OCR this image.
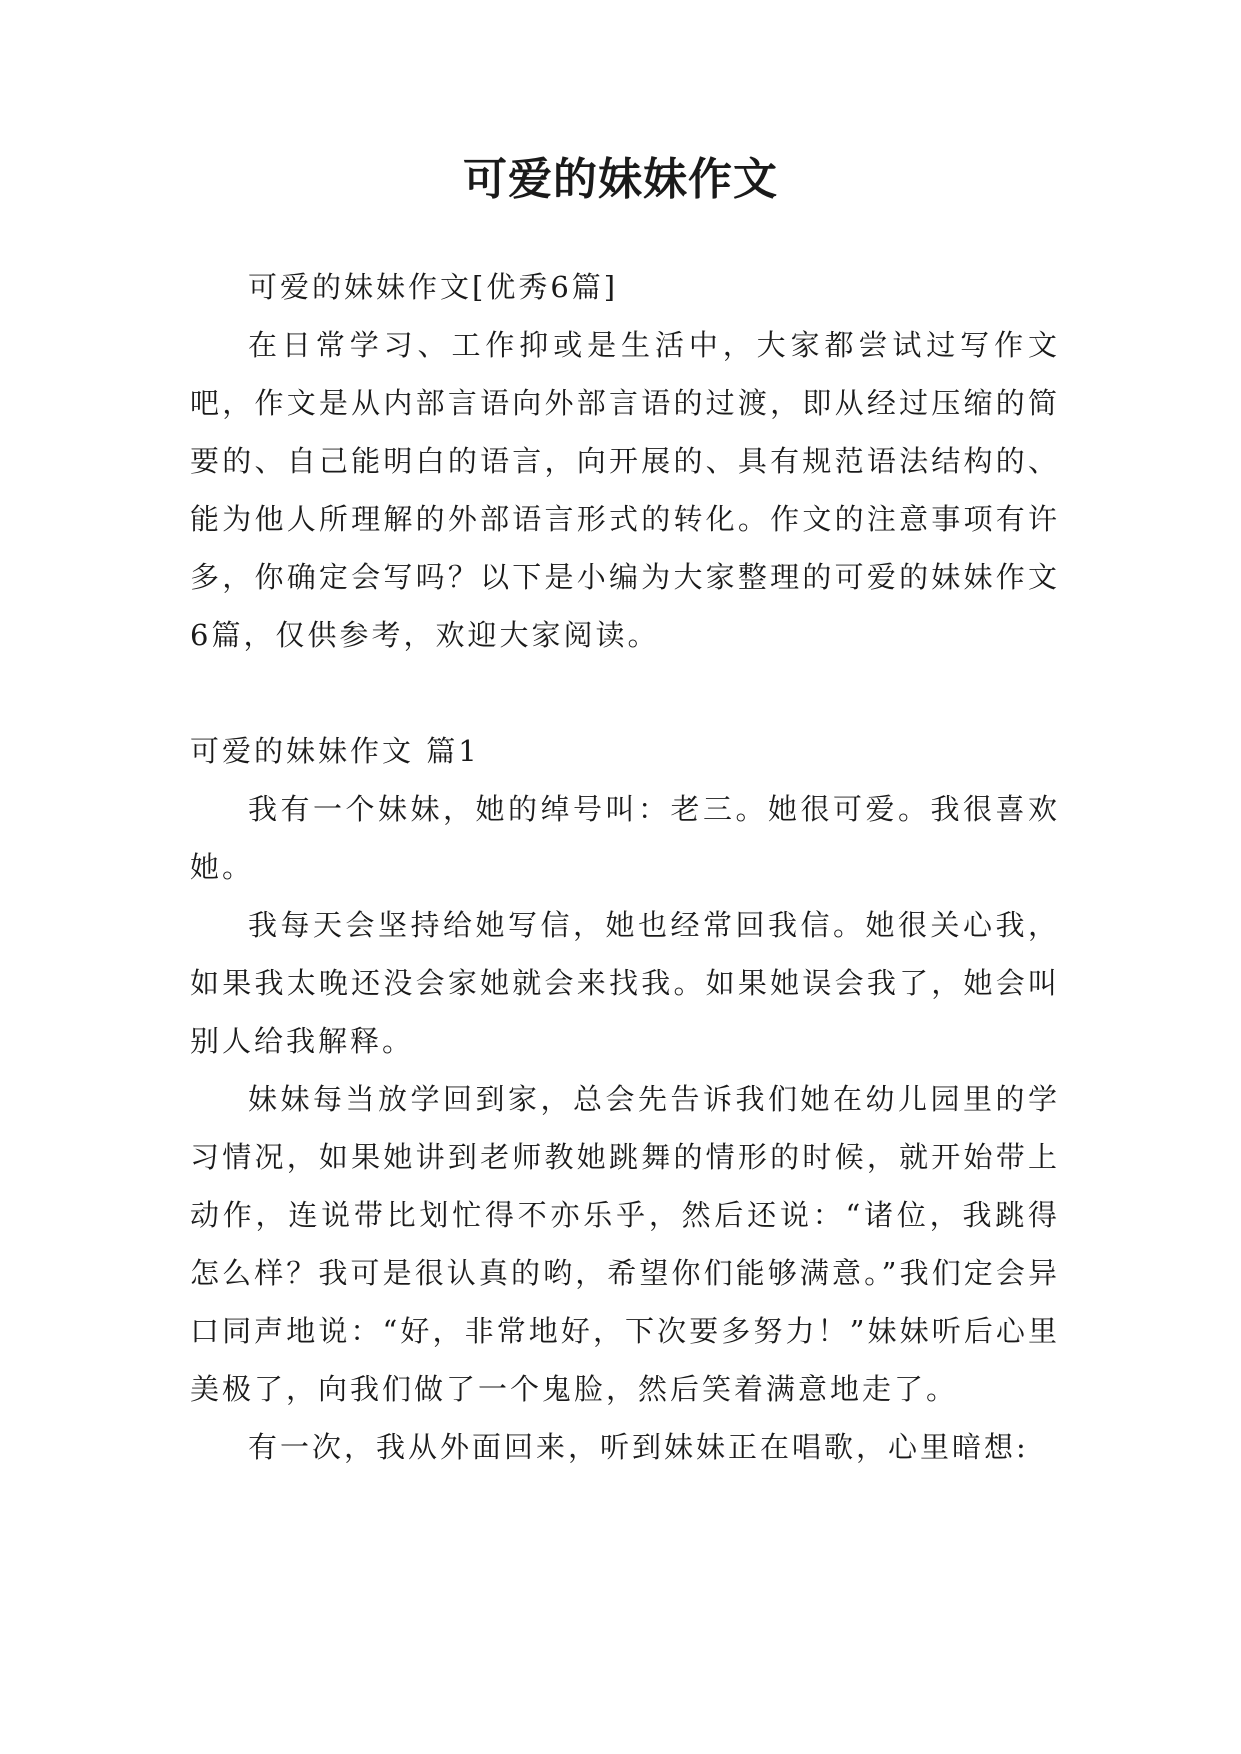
可爱的妹妹作文

可爱的妹妹作文[优秀6篇]

在日常学习、工作抑或是生活中，大家都尝试过写作文吧，作文是从内部言语向外部言语的过渡，即从经过压缩的简要的、自己能明白的语言，向开展的、具有规范语法结构的、能为他人所理解的外部语言形式的转化。作文的注意事项有许多，你确定会写吗？以下是小编为大家整理的可爱的妹妹作文6篇，仅供参考，欢迎大家阅读。

可爱的妹妹作文 篇1

我有一个妹妹，她的绰号叫：老三。她很可爱。我很喜欢她。

我每天会坚持给她写信，她也经常回我信。她很关心我，如果我太晚还没会家她就会来找我。如果她误会我了，她会叫别人给我解释。

妹妹每当放学回到家，总会先告诉我们她在幼儿园里的学习情况，如果她讲到老师教她跳舞的情形的时候，就开始带上动作，连说带比划忙得不亦乐乎，然后还说：“诸位，我跳得怎么样？我可是很认真的哟，希望你们能够满意。”我们定会异口同声地说：“好，非常地好，下次要多努力！”妹妹听后心里美极了，向我们做了一个鬼脸，然后笑着满意地走了。

有一次，我从外面回来，听到妹妹正在唱歌，心里暗想:
